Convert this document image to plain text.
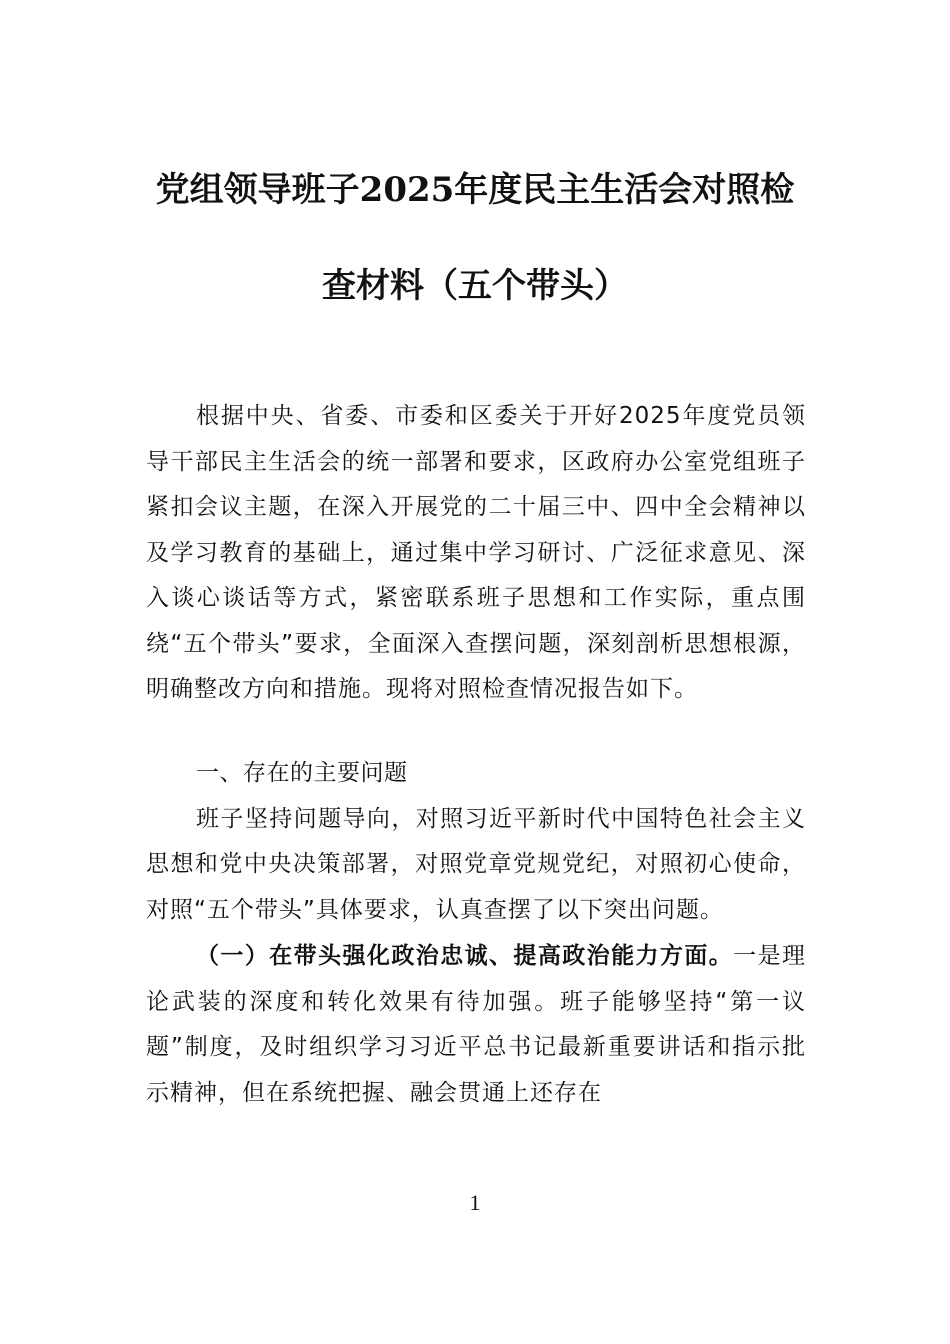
党组领导班子2025年度民主生活会对照检
查材料（五个带头）

根据中央、省委、市委和区委关于开好2025年度党员领导干部民主生活会的统一部署和要求，区政府办公室党组班子紧扣会议主题，在深入开展党的二十届三中、四中全会精神以及学习教育的基础上，通过集中学习研讨、广泛征求意见、深入谈心谈话等方式，紧密联系班子思想和工作实际，重点围绕“五个带头”要求，全面深入查摆问题，深刻剖析思想根源，明确整改方向和措施。现将对照检查情况报告如下。

一、存在的主要问题

班子坚持问题导向，对照习近平新时代中国特色社会主义思想和党中央决策部署，对照党章党规党纪，对照初心使命，对照“五个带头”具体要求，认真查摆了以下突出问题。

（一）在带头强化政治忠诚、提高政治能力方面。一是理论武装的深度和转化效果有待加强。班子能够坚持“第一议题”制度，及时组织学习习近平总书记最新重要讲话和指示批示精神，但在系统把握、融会贯通上还存在

1
